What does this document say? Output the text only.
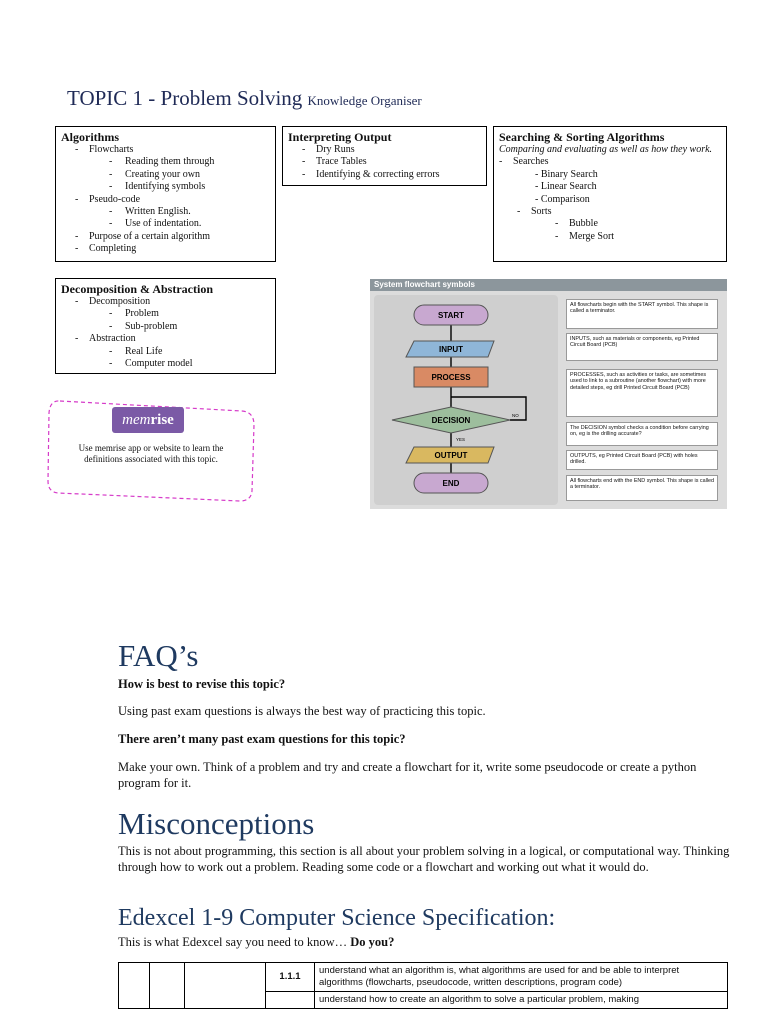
TOPIC 1 - Problem Solving Knowledge Organiser
Algorithms
- Flowcharts
- Reading them through
- Creating your own
- Identifying symbols
- Pseudo-code
- Written English.
- Use of indentation.
- Purpose of a certain algorithm
- Completing
Interpreting Output
- Dry Runs
- Trace Tables
- Identifying & correcting errors
Searching & Sorting Algorithms
Comparing and evaluating as well as how they work.
- Searches
- Binary Search
- Linear Search
- Comparison
- Sorts
- Bubble
- Merge Sort
Decomposition & Abstraction
- Decomposition
- Problem
- Sub-problem
- Abstraction
- Real Life
- Computer model
memrise
Use memrise app or website to learn the definitions associated with this topic.
System flowchart symbols
START
INPUT
PROCESS
DECISION
OUTPUT
END
NO
YES
All flowcharts begin with the START symbol. This shape is called a terminator.
INPUTS, such as materials or components, eg Printed Circuit Board (PCB)
PROCESSES, such as activities or tasks, are sometimes used to link to a subroutine (another flowchart) with more detailed steps, eg drill Printed Circuit Board (PCB)
The DECISION symbol checks a condition before carrying on, eg is the drilling accurate?
OUTPUTS, eg Printed Circuit Board (PCB) with holes drilled.
All flowcharts end with the END symbol. This shape is called a terminator.
FAQ’s
How is best to revise this topic?
Using past exam questions is always the best way of practicing this topic.
There aren’t many past exam questions for this topic?
Make your own. Think of a problem and try and create a flowchart for it, write some pseudocode or create a python program for it.
Misconceptions
This is not about programming, this section is all about your problem solving in a logical, or computational way. Thinking through how to work out a problem. Reading some code or a flowchart and working out what it would do.
Edexcel 1-9 Computer Science Specification:
This is what Edexcel say you need to know… Do you?
			1.1.1	understand what an algorithm is, what algorithms are used for and be able to interpret algorithms (flowcharts, pseudocode, written descriptions, program code)
				understand how to create an algorithm to solve a particular problem, making
